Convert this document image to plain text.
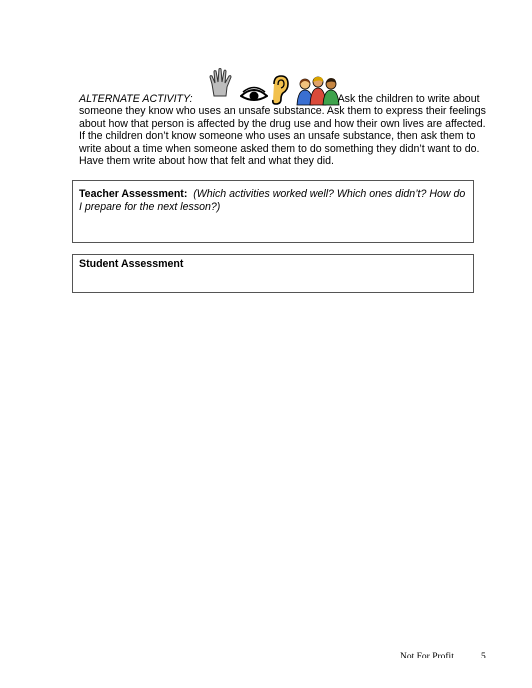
ALTERNATE ACTIVITY:	Ask the children to write about someone they know who uses an unsafe substance. Ask them to express their feelings about how that person is affected by the drug use and how their own lives are affected. If the children don’t know someone who uses an unsafe substance, then ask them to write about a time when someone asked them to do something they didn’t want to do. Have them write about how that felt and what they did.
Teacher Assessment: (Which activities worked well? Which ones didn’t? How do I prepare for the next lesson?)
Student Assessment
Not For Profit	5
